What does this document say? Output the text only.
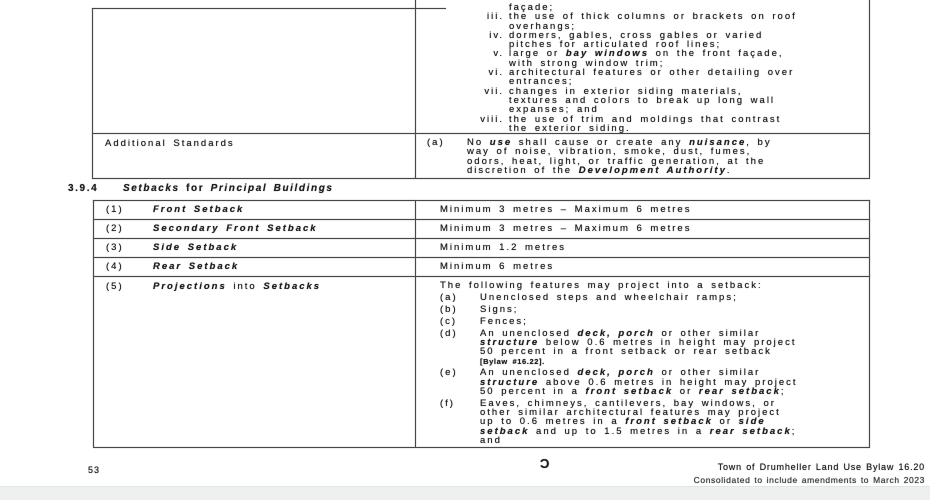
façade;
iii. the use of thick columns or brackets on roof
overhangs;
iv. dormers, gables, cross gables or varied
pitches for articulated roof lines;
v. large or bay windows on the front façade,
with strong window trim;
vi. architectural features or other detailing over
entrances;
vii. changes in exterior siding materials,
textures and colors to break up long wall
expanses; and
viii. the use of trim and moldings that contrast
the exterior siding.
Additional Standards	(a)	No use shall cause or create any nuisance, by
way of noise, vibration, smoke, dust, fumes,
odors, heat, light, or traffic generation, at the
discretion of the Development Authority.
3.9.4	Setbacks for Principal Buildings
(1)	Front Setback	Minimum 3 metres – Maximum 6 metres
(2)	Secondary Front Setback	Minimum 3 metres – Maximum 6 metres
(3)	Side Setback	Minimum 1.2 metres
(4)	Rear Setback	Minimum 6 metres
(5)	Projections into Setbacks	The following features may project into a setback:
(a)	Unenclosed steps and wheelchair ramps;
(b)	Signs;
(c)	Fences;
(d)	An unenclosed deck, porch or other similar
structure below 0.6 metres in height may project
50 percent in a front setback or rear setback
[Bylaw #16.22].
(e)	An unenclosed deck, porch or other similar
structure above 0.6 metres in height may project
50 percent in a front setback or rear setback;
(f)	Eaves, chimneys, cantilevers, bay windows, or
other similar architectural features may project
up to 0.6 metres in a front setback or side
setback and up to 1.5 metres in a rear setback;
and
53	Ɔ	Town of Drumheller Land Use Bylaw 16.20
Consolidated to include amendments to March 2023
